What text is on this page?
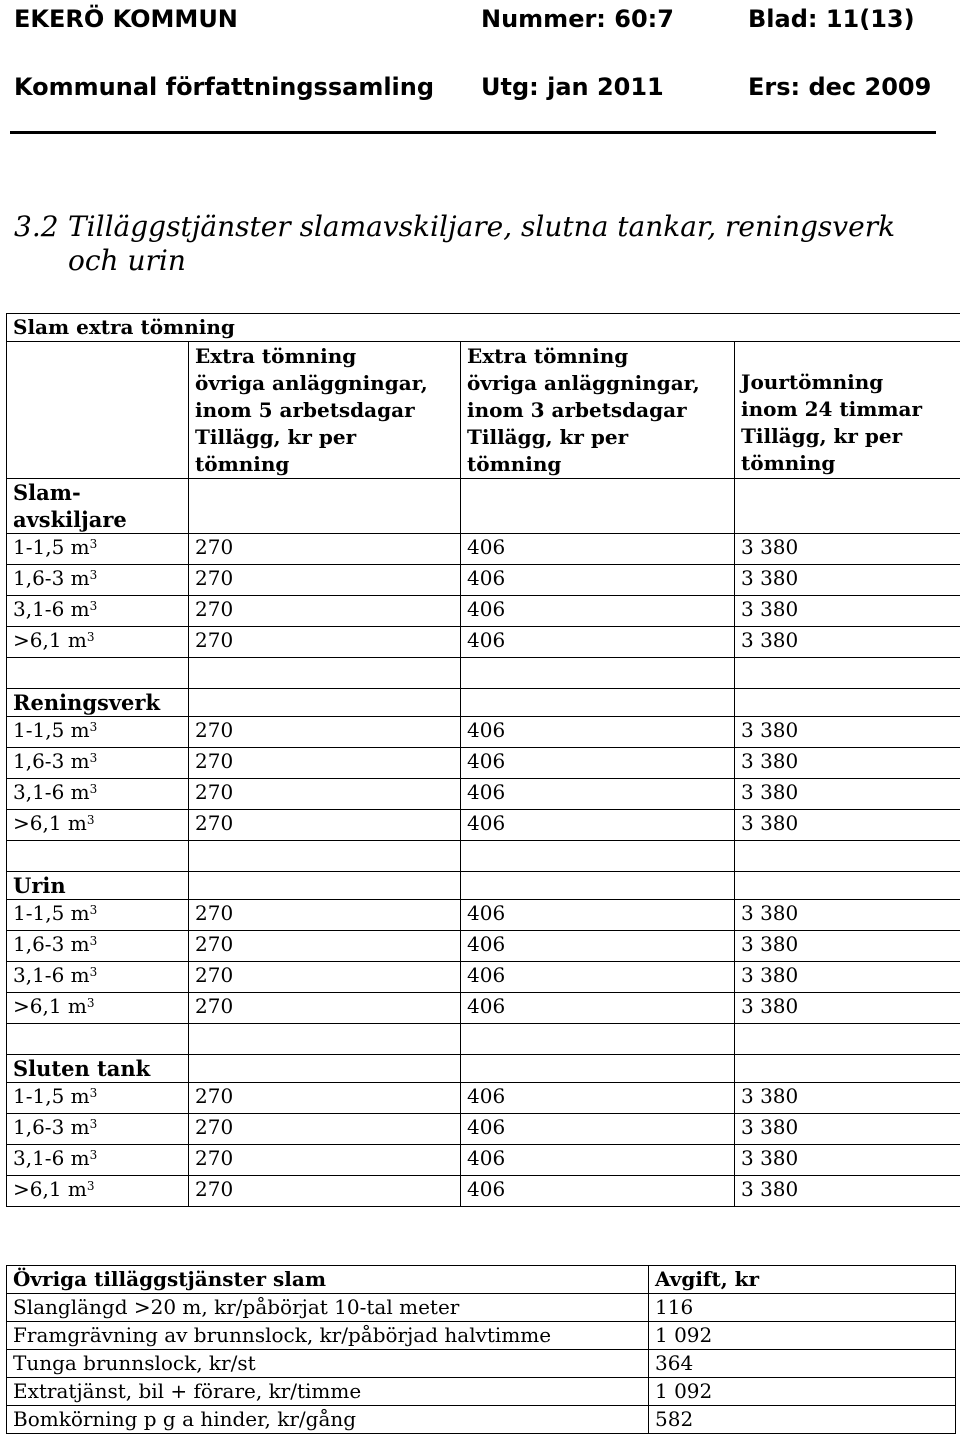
EKERÖ KOMMUN	Nummer: 60:7	Blad: 11(13)
Kommunal författningssamling Utg: jan 2011	Ers: dec 2009
3.2 Tilläggstjänster slamavskiljare, slutna tankar, reningsverk
och urin
Slam extra tömning			

	Extra tömning
övriga anläggningar,
inom 5 arbetsdagar
Tillägg, kr per
tömning	Extra tömning
övriga anläggningar,
inom 3 arbetsdagar
Tillägg, kr per
tömning	Jourtömning
inom 24 timmar
Tillägg, kr per
tömning

Slam-
avskiljare			

1-1,5 $m^3$	270	406	3 380
1,6-3 $m^3$	270	406	3 380
3,1-6 $m^3$	270	406	3 380
>6,1 $m^3$	270	406	3 380

Reningsverk			

1-1,5 $m^3$	270	406	3 380
1,6-3 $m^3$	270	406	3 380
3,1-6 $m^3$	270	406	3 380
>6,1 $m^3$	270	406	3 380

Urin			

1-1,5 $m^3$	270	406	3 380
1,6-3 $m^3$	270	406	3 380
3,1-6 $m^3$	270	406	3 380
>6,1 $m^3$	270	406	3 380

Sluten tank			

1-1,5 $m^3$	270	406	3 380
1,6-3 $m^3$	270	406	3 380
3,1-6 $m^3$	270	406	3 380
>6,1 $m^3$	270	406	3 380
Övriga tilläggstjänster slam	Avgift, kr
Slanglängd >20 m, kr/påbörjat 10-tal meter	116
Framgrävning av brunnslock, kr/påbörjad halvtimme	1 092
Tunga brunnslock, kr/st	364
Extratjänst, bil + förare, kr/timme	1 092
Bomkörning p g a hinder, kr/gång	582
